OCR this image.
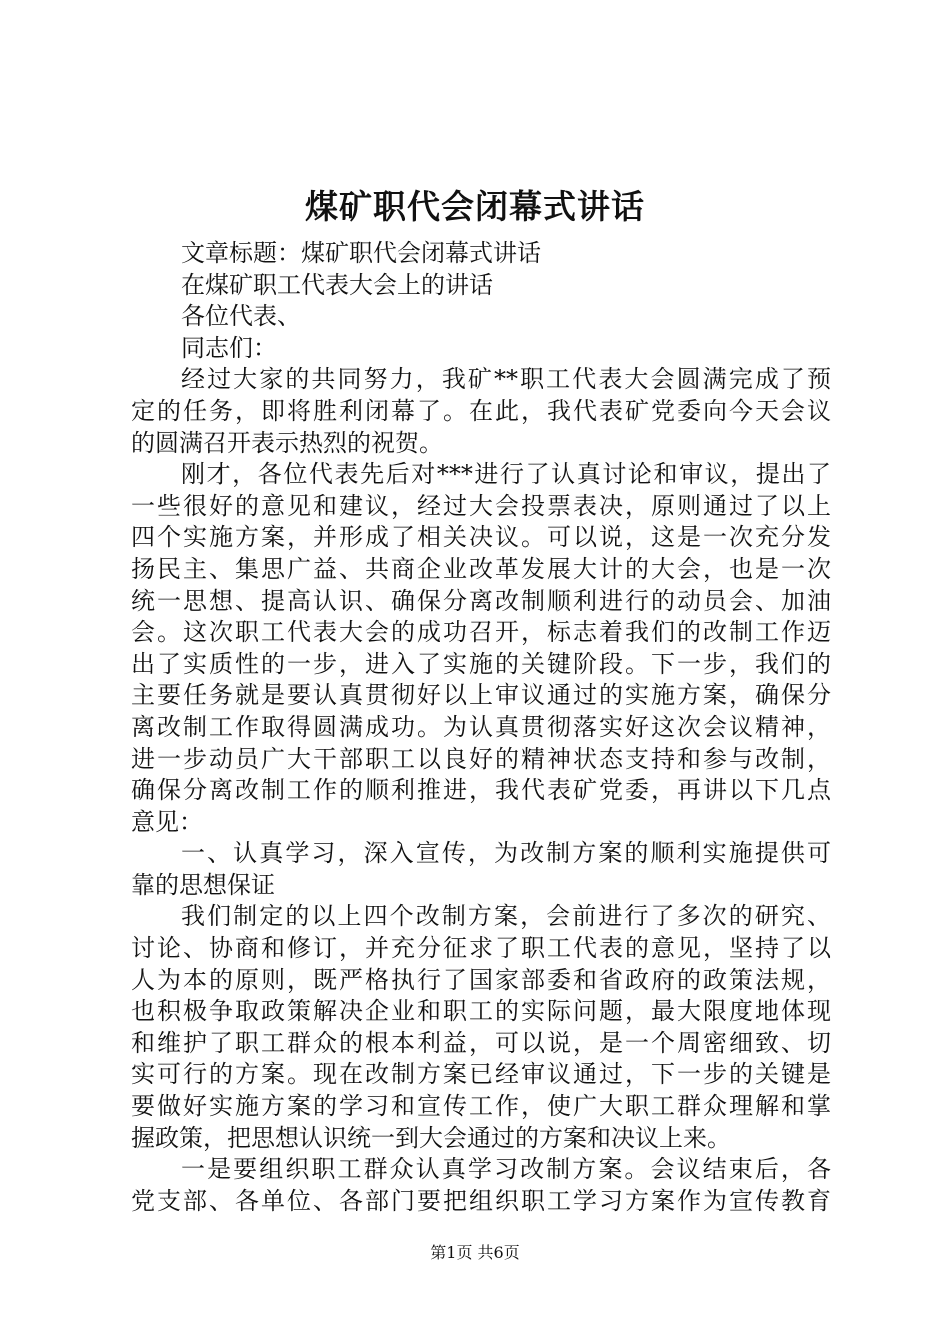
煤矿职代会闭幕式讲话
文章标题：煤矿职代会闭幕式讲话
在煤矿职工代表大会上的讲话
各位代表、
同志们：
经过大家的共同努力，我矿**职工代表大会圆满完成了预
定的任务，即将胜利闭幕了。在此，我代表矿党委向今天会议
的圆满召开表示热烈的祝贺。
刚才，各位代表先后对***进行了认真讨论和审议，提出了
一些很好的意见和建议，经过大会投票表决，原则通过了以上
四个实施方案，并形成了相关决议。可以说，这是一次充分发
扬民主、集思广益、共商企业改革发展大计的大会，也是一次
统一思想、提高认识、确保分离改制顺利进行的动员会、加油
会。这次职工代表大会的成功召开，标志着我们的改制工作迈
出了实质性的一步，进入了实施的关键阶段。下一步，我们的
主要任务就是要认真贯彻好以上审议通过的实施方案，确保分
离改制工作取得圆满成功。为认真贯彻落实好这次会议精神，
进一步动员广大干部职工以良好的精神状态支持和参与改制，
确保分离改制工作的顺利推进，我代表矿党委，再讲以下几点
意见：
一、认真学习，深入宣传，为改制方案的顺利实施提供可
靠的思想保证
我们制定的以上四个改制方案，会前进行了多次的研究、
讨论、协商和修订，并充分征求了职工代表的意见，坚持了以
人为本的原则，既严格执行了国家部委和省政府的政策法规，
也积极争取政策解决企业和职工的实际问题，最大限度地体现
和维护了职工群众的根本利益，可以说，是一个周密细致、切
实可行的方案。现在改制方案已经审议通过，下一步的关键是
要做好实施方案的学习和宣传工作，使广大职工群众理解和掌
握政策，把思想认识统一到大会通过的方案和决议上来。
一是要组织职工群众认真学习改制方案。会议结束后，各
党支部、各单位、各部门要把组织职工学习方案作为宣传教育
第1页 共6页
